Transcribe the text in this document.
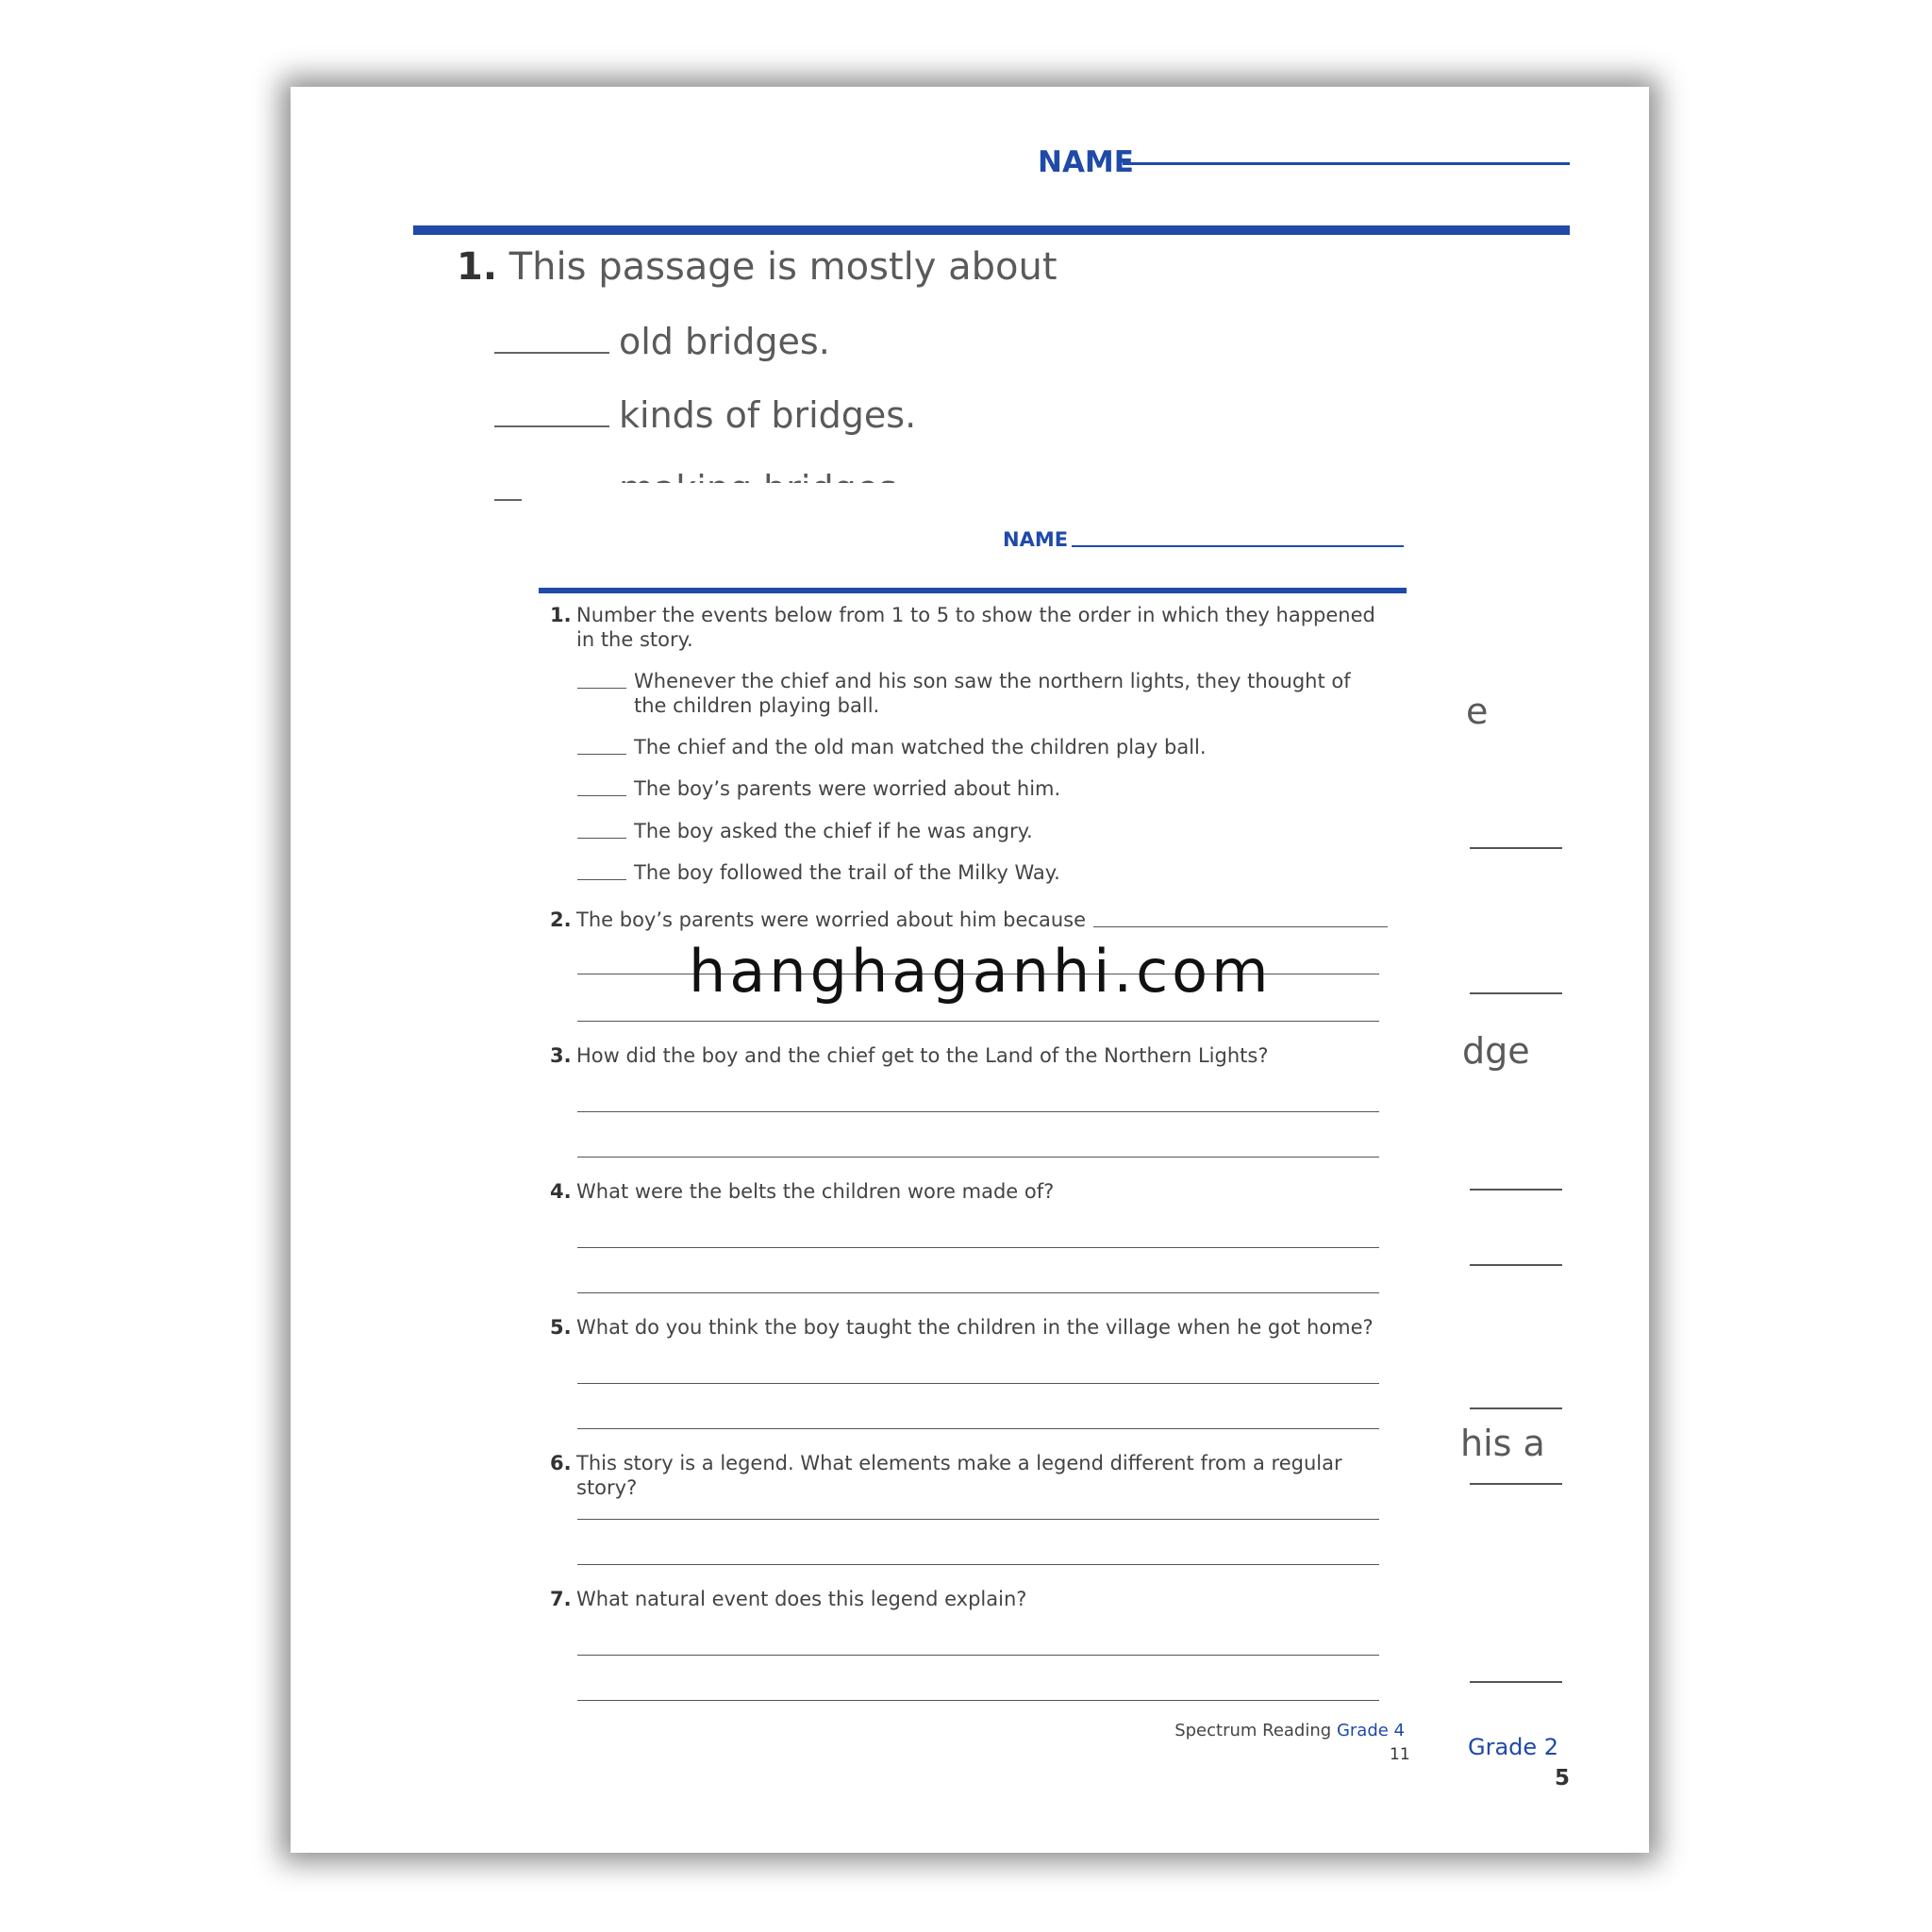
NAME
1. This passage is mostly about
old bridges.
kinds of bridges.
e
dge
his a
Grade 2
5
NAME
1. Number the events below from 1 to 5 to show the order in which they happened in the story.
Whenever the chief and his son saw the northern lights, they thought of the children playing ball.
The chief and the old man watched the children play ball.
The boy’s parents were worried about him.
The boy asked the chief if he was angry.
The boy followed the trail of the Milky Way.
2. The boy’s parents were worried about him because
3. How did the boy and the chief get to the Land of the Northern Lights?
4. What were the belts the children wore made of?
5. What do you think the boy taught the children in the village when he got home?
6. This story is a legend. What elements make a legend different from a regular story?
7. What natural event does this legend explain?
Spectrum Reading Grade 4
11
hanghaganhi.com
